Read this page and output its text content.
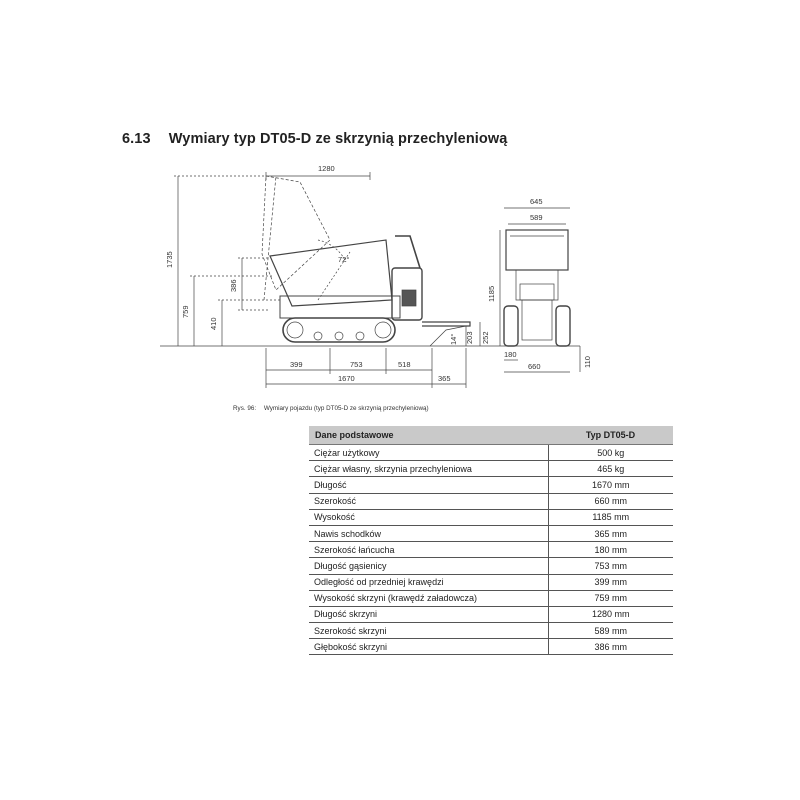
6.13 Wymiary typ DT05-D ze skrzynią przechyleniową
1280
1735
386
759
410
72°
14° 203 252
399	753	518
1670	365
645
589
1185
180
660	110
Rys. 96: Wymiary pojazdu (typ DT05-D ze skrzynią przechyleniową)
Dane podstawowe	Typ DT05-D
Ciężar użytkowy	500 kg
Ciężar własny, skrzynia przechyleniowa	465 kg
Długość	1670 mm
Szerokość	660 mm
Wysokość	1185 mm
Nawis schodków	365 mm
Szerokość łańcucha	180 mm
Długość gąsienicy	753 mm
Odległość od przedniej krawędzi	399 mm
Wysokość skrzyni (krawędź załadowcza)	759 mm
Długość skrzyni	1280 mm
Szerokość skrzyni	589 mm
Głębokość skrzyni	386 mm
